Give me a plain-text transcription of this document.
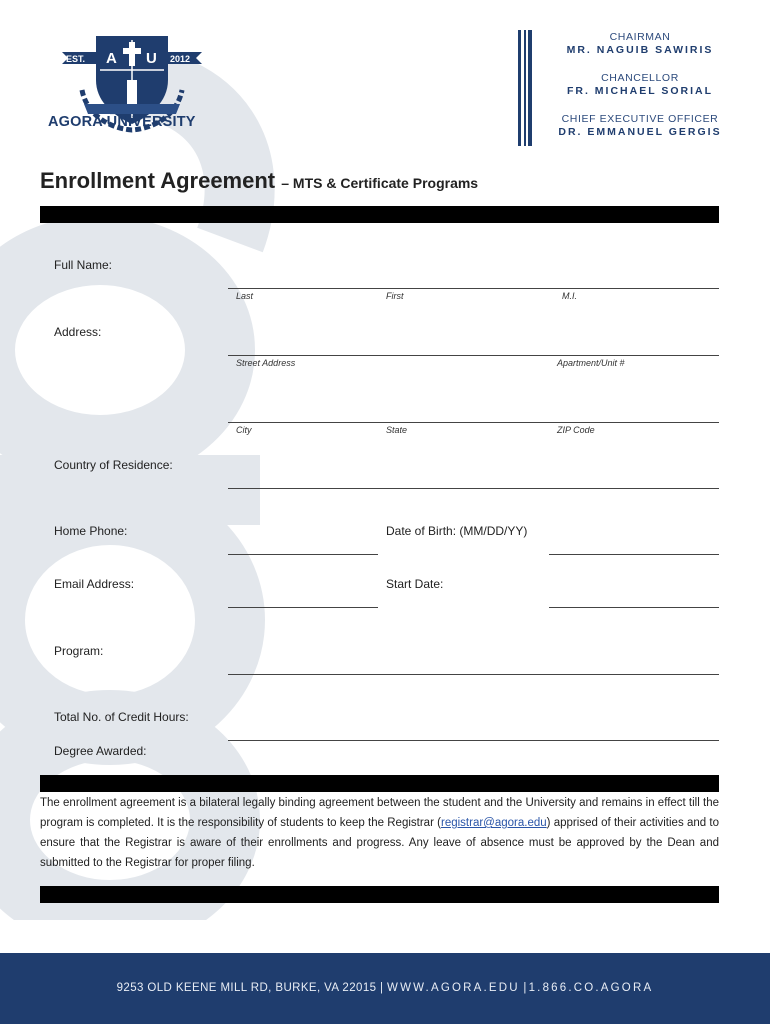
EST.	2012
A U
AGORA UNIVERSITY
CHAIRMAN
MR. NAGUIB SAWIRIS
CHANCELLOR
FR. MICHAEL SORIAL
CHIEF EXECUTIVE OFFICER
DR. EMMANUEL GERGIS
Enrollment Agreement – MTS & Certificate Programs
Full Name:
Last	First	M.I.
Address:
Street Address	Apartment/Unit #
City	State	ZIP Code
Country of Residence:
Home Phone:	Date of Birth: (MM/DD/YY)
Email Address:	Start Date:
Program:
Total No. of Credit Hours:
Degree Awarded:
The enrollment agreement is a bilateral legally binding agreement between the student and the University and remains in effect till the program is completed. It is the responsibility of students to keep the Registrar (registrar@agora.edu) apprised of their activities and to ensure that the Registrar is aware of their enrollments and progress. Any leave of absence must be approved by the Dean and submitted to the Registrar for proper filing.
9253 OLD KEENE MILL RD, BURKE, VA 22015 | WWW.AGORA.EDU |1.866.CO.AGORA
